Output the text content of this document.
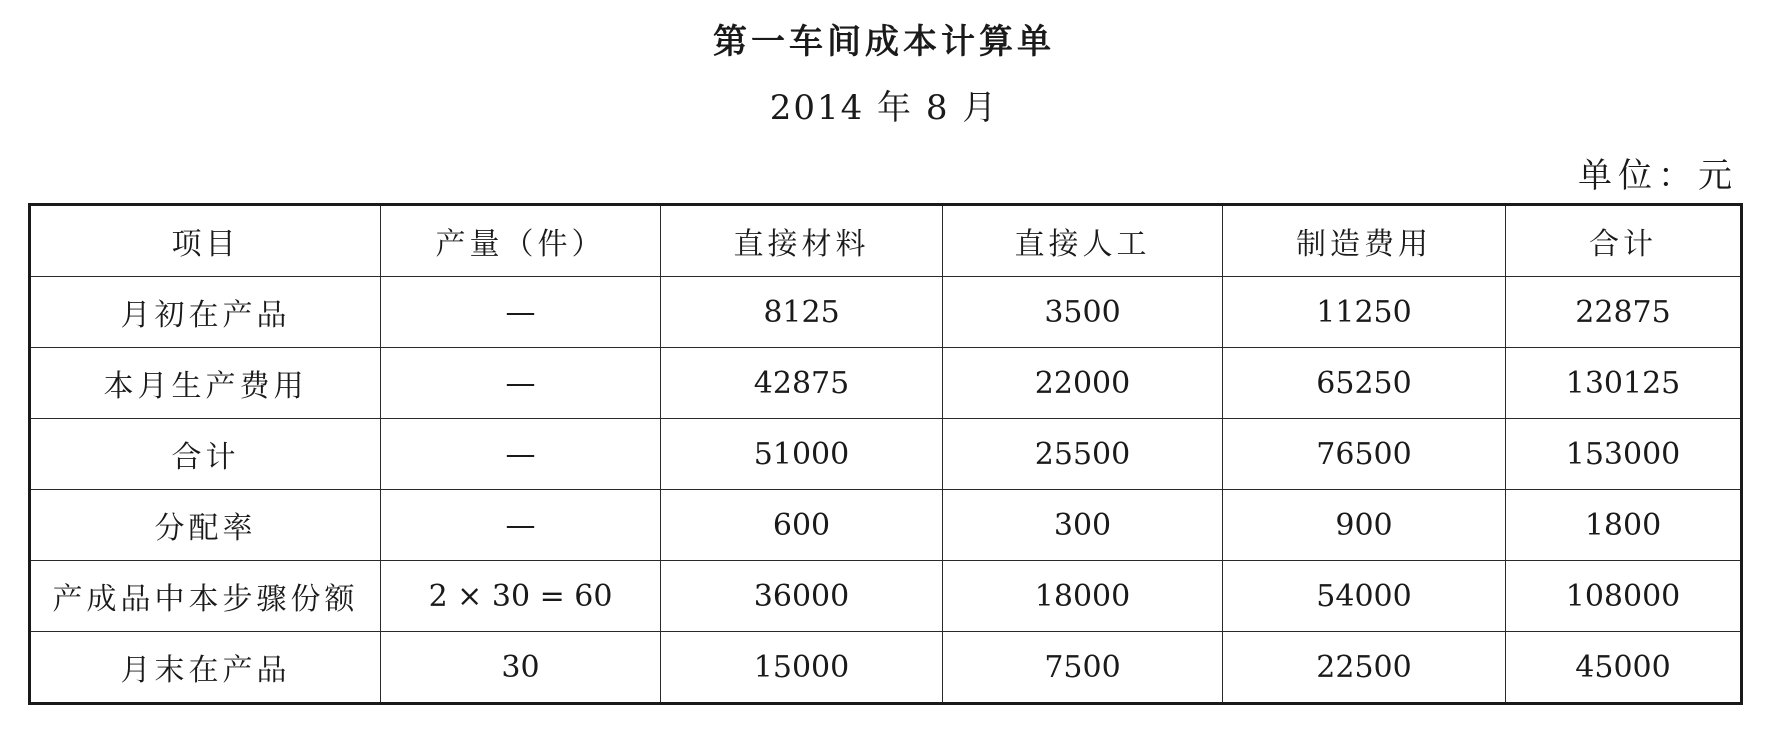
第一车间成本计算单
2014 年 8 月
单位：元
项目	产量（件）	直接材料	直接人工	制造费用	合计
月初在产品	—	8125	3500	11250	22875
本月生产费用	—	42875	22000	65250	130125
合计	—	51000	25500	76500	153000
分配率	—	600	300	900	1800
产成品中本步骤份额	2 × 30 = 60	36000	18000	54000	108000
月末在产品	30	15000	7500	22500	45000
